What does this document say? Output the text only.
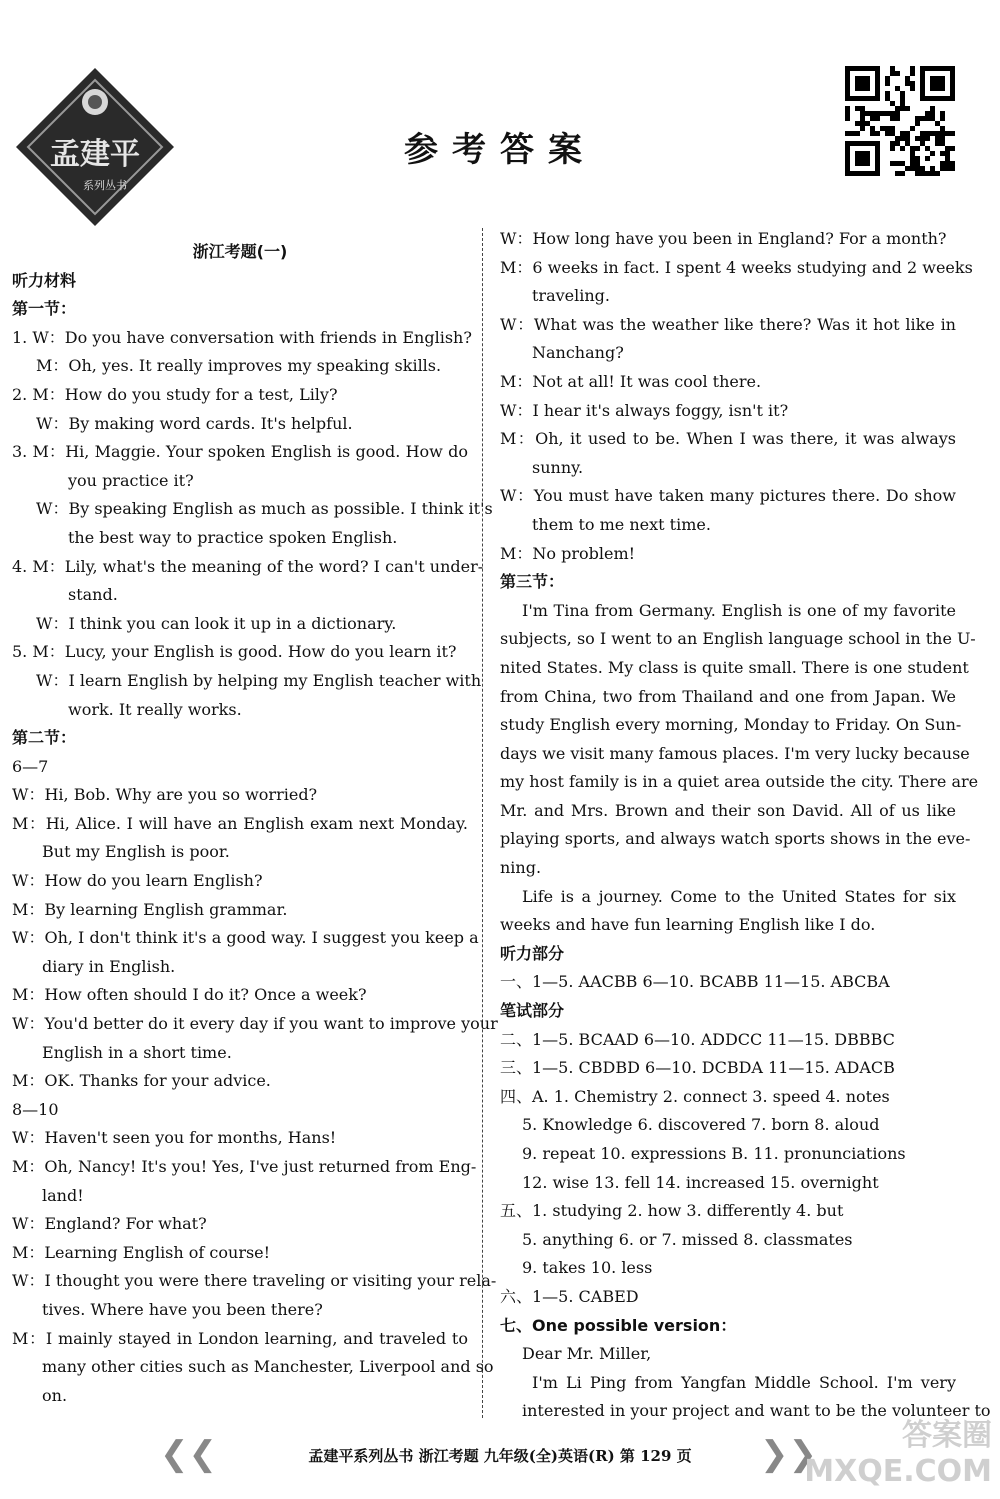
孟建平
系列丛书
参考答案
浙江考题(一)
听力材料
第一节：
1. W：Do you have conversation with friends in English?
M：Oh, yes. It really improves my speaking skills.
2. M：How do you study for a test, Lily?
W：By making word cards. It's helpful.
3. M：Hi, Maggie. Your spoken English is good. How do
you practice it?
W：By speaking English as much as possible. I think it's
the best way to practice spoken English.
4. M：Lily, what's the meaning of the word? I can't under-
stand.
W：I think you can look it up in a dictionary.
5. M：Lucy, your English is good. How do you learn it?
W：I learn English by helping my English teacher with
work. It really works.
第二节：
6—7
W：Hi, Bob. Why are you so worried?
M：Hi, Alice. I will have an English exam next Monday.
But my English is poor.
W：How do you learn English?
M：By learning English grammar.
W：Oh, I don't think it's a good way. I suggest you keep a
diary in English.
M：How often should I do it? Once a week?
W：You'd better do it every day if you want to improve your
English in a short time.
M：OK. Thanks for your advice.
8—10
W：Haven't seen you for months, Hans!
M：Oh, Nancy! It's you! Yes, I've just returned from Eng-
land!
W：England? For what?
M：Learning English of course!
W：I thought you were there traveling or visiting your rela-
tives. Where have you been there?
M：I mainly stayed in London learning, and traveled to
many other cities such as Manchester, Liverpool and so
on.
W：How long have you been in England? For a month?
M：6 weeks in fact. I spent 4 weeks studying and 2 weeks
traveling.
W：What was the weather like there? Was it hot like in
Nanchang?
M：Not at all! It was cool there.
W：I hear it's always foggy, isn't it?
M：Oh, it used to be. When I was there, it was always
sunny.
W：You must have taken many pictures there. Do show
them to me next time.
M：No problem!
第三节：
I'm Tina from Germany. English is one of my favorite
subjects, so I went to an English language school in the U-
nited States. My class is quite small. There is one student
from China, two from Thailand and one from Japan. We
study English every morning, Monday to Friday. On Sun-
days we visit many famous places. I'm very lucky because
my host family is in a quiet area outside the city. There are
Mr. and Mrs. Brown and their son David. All of us like
playing sports, and always watch sports shows in the eve-
ning.
Life is a journey. Come to the United States for six
weeks and have fun learning English like I do.
听力部分
一、1—5. AACBB 6—10. BCABB 11—15. ABCBA
笔试部分
二、1—5. BCAAD 6—10. ADDCC 11—15. DBBBC
三、1—5. CBDBD 6—10. DCBDA 11—15. ADACB
四、A. 1. Chemistry 2. connect 3. speed 4. notes
5. Knowledge 6. discovered 7. born 8. aloud
9. repeat 10. expressions B. 11. pronunciations
12. wise 13. fell 14. increased 15. overnight
五、1. studying 2. how 3. differently 4. but
5. anything 6. or 7. missed 8. classmates
9. takes 10. less
六、1—5. CABED
七、One possible version：
Dear Mr. Miller,
I'm Li Ping from Yangfan Middle School. I'm very
interested in your project and want to be the volunteer to
❮❮	孟建平系列丛书 浙江考题 九年级(全)英语(R) 第 129 页	❯❯	答案圈
MXQE.COM
